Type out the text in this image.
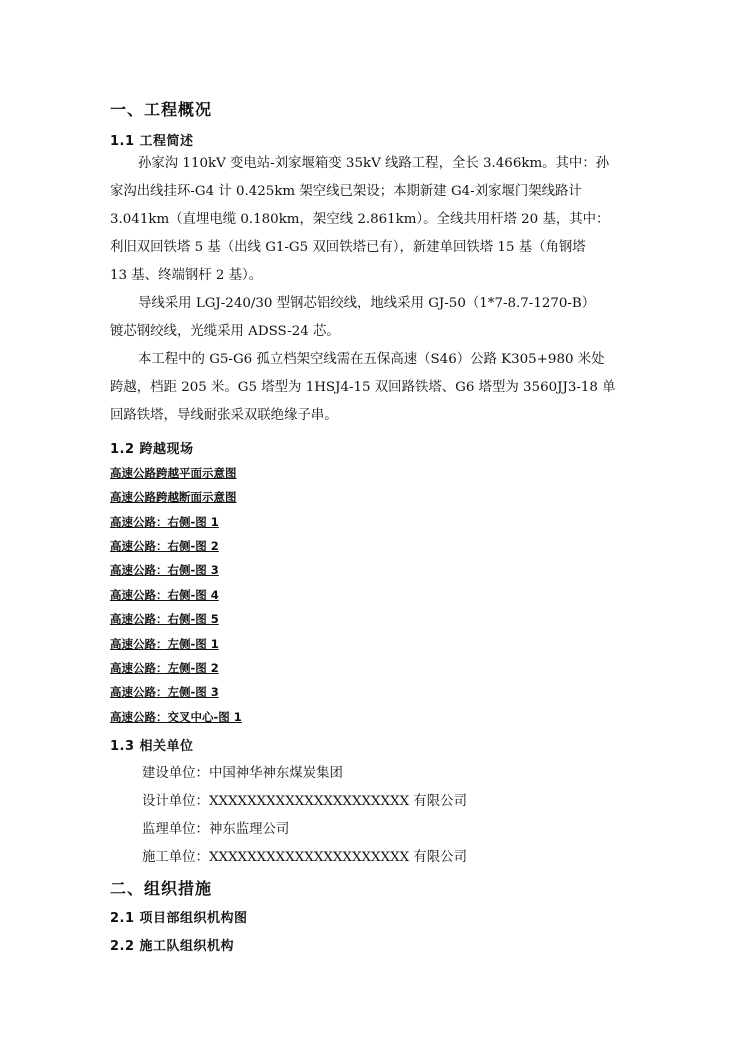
一、工程概况
1.1 工程简述
孙家沟 110kV 变电站-刘家堰箱变 35kV 线路工程，全长 3.466km。其中：孙
家沟出线挂环-G4 计 0.425km 架空线已架设；本期新建 G4-刘家堰门架线路计
3.041km（直埋电缆 0.180km，架空线 2.861km）。全线共用杆塔 20 基，其中：
利旧双回铁塔 5 基（出线 G1-G5 双回铁塔已有），新建单回铁塔 15 基（角钢塔
13 基、终端钢杆 2 基）。
导线采用 LGJ-240/30 型钢芯铝绞线，地线采用 GJ-50（1*7-8.7-1270-B）
镀芯钢绞线，光缆采用 ADSS-24 芯。
本工程中的 G5-G6 孤立档架空线需在五保高速（S46）公路 K305+980 米处
跨越，档距 205 米。G5 塔型为 1HSJ4-15 双回路铁塔、G6 塔型为 3560JJ3-18 单
回路铁塔，导线耐张采双联绝缘子串。
1.2 跨越现场
高速公路跨越平面示意图
高速公路跨越断面示意图
高速公路：右侧-图 1
高速公路：右侧-图 2
高速公路：右侧-图 3
高速公路：右侧-图 4
高速公路：右侧-图 5
高速公路：左侧-图 1
高速公路：左侧-图 2
高速公路：左侧-图 3
高速公路：交叉中心-图 1
1.3 相关单位
建设单位：中国神华神东煤炭集团
设计单位：XXXXXXXXXXXXXXXXXXXXX 有限公司
监理单位：神东监理公司
施工单位：XXXXXXXXXXXXXXXXXXXXX 有限公司
二、组织措施
2.1 项目部组织机构图
2.2 施工队组织机构
